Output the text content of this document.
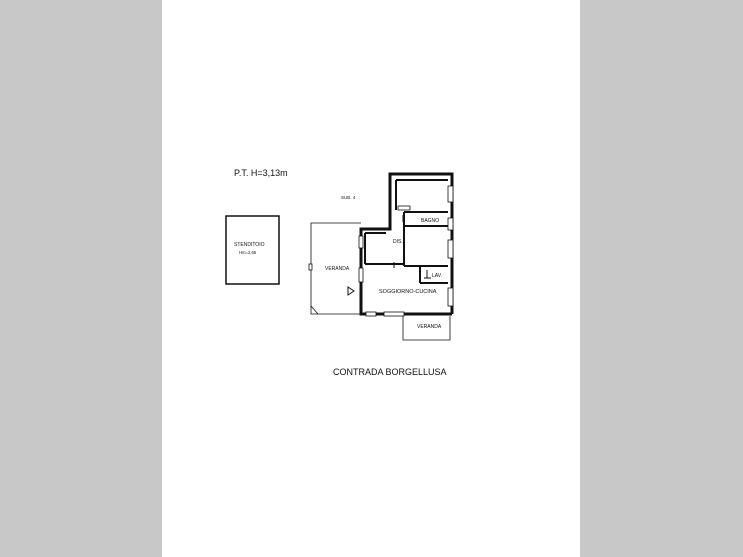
P.T. H=3,13m
SUB. 4
STENDITOIO
Hm=2,65
VERANDA
BAGNO
DIS.
LAV.
SOGGIORNO-CUCINA
VERANDA
CONTRADA BORGELLUSA
